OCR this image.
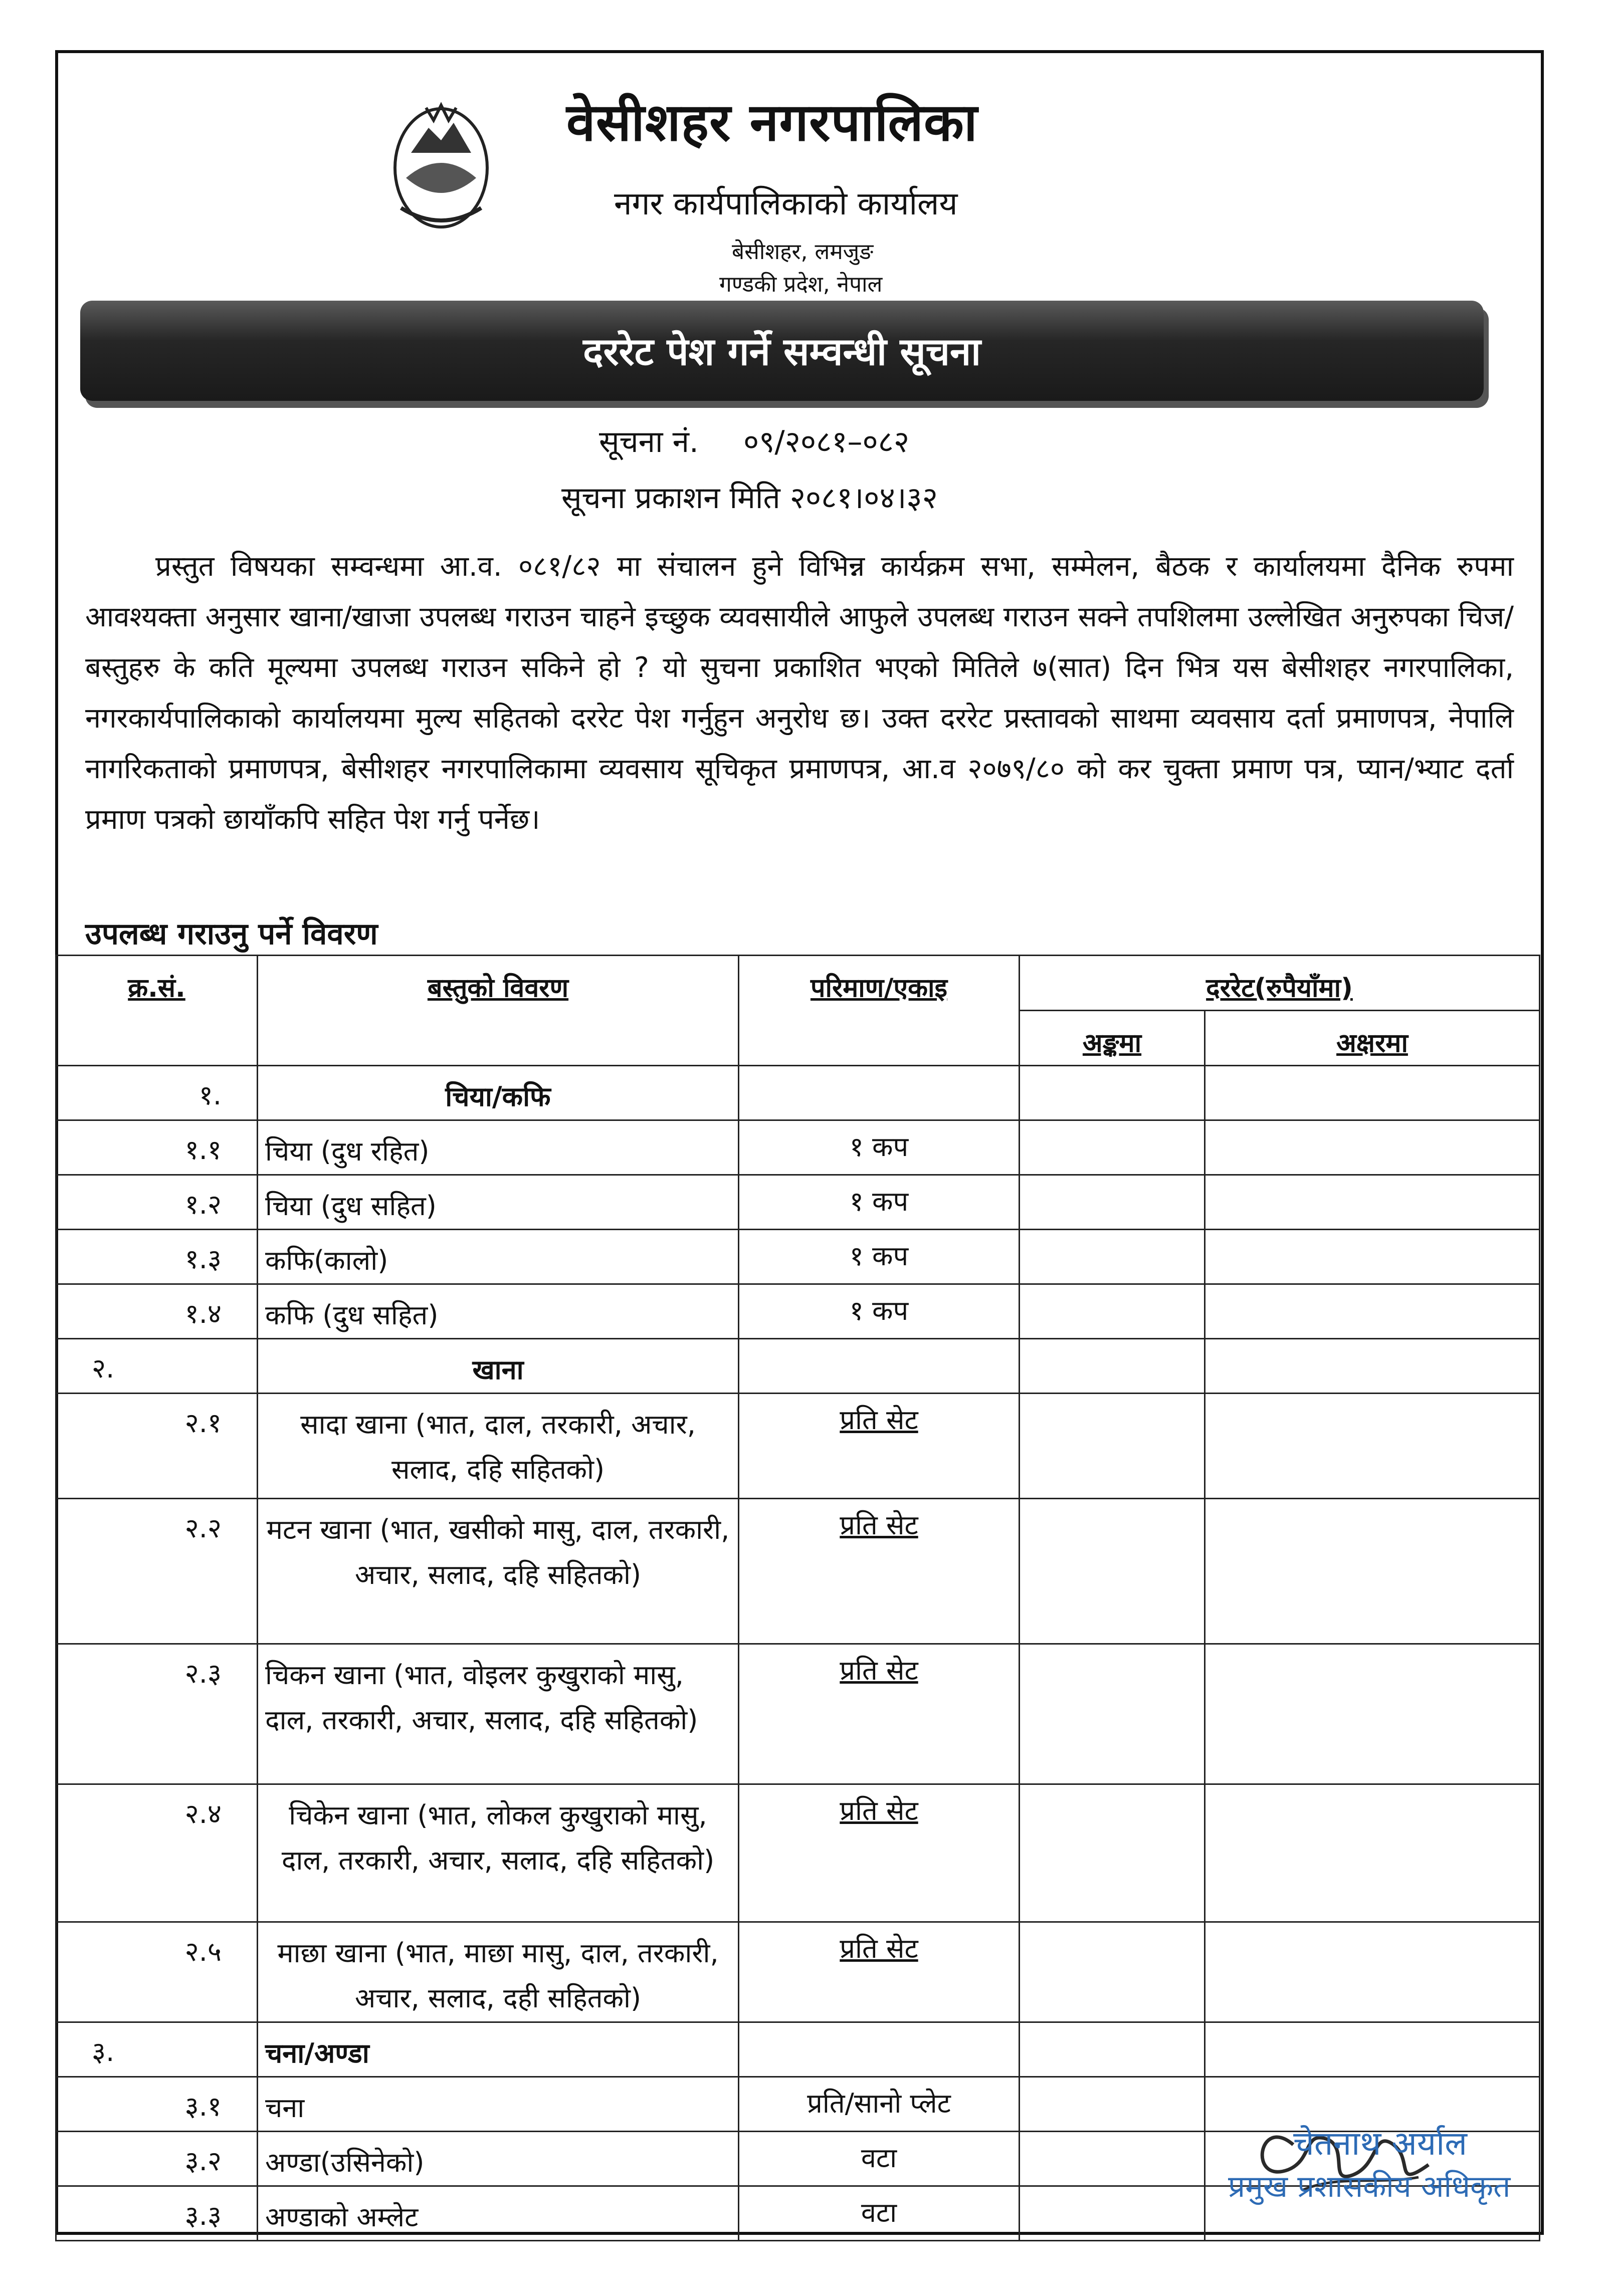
वेसीशहर नगरपालिका
नगर कार्यपालिकाको कार्यालय
बेसीशहर, लमजुङ
गण्डकी प्रदेश, नेपाल
दररेट पेश गर्ने सम्वन्धी सूचना
सूचना नं. ०९/२०८१–०८२
सूचना प्रकाशन मिति २०८१।०४।३२
प्रस्तुत विषयका सम्वन्धमा आ.व. ०८१/८२ मा संचालन हुने विभिन्न कार्यक्रम सभा, सम्मेलन, बैठक र कार्यालयमा दैनिक रुपमा आवश्यक्ता अनुसार खाना/खाजा उपलब्ध गराउन चाहने इच्छुक व्यवसायीले आफुले उपलब्ध गराउन सक्ने तपशिलमा उल्लेखित अनुरुपका चिज/बस्तुहरु के कति मूल्यमा उपलब्ध गराउन सकिने हो ? यो सुचना प्रकाशित भएको मितिले ७(सात) दिन भित्र यस बेसीशहर नगरपालिका, नगरकार्यपालिकाको कार्यालयमा मुल्य सहितको दररेट पेश गर्नुहुन अनुरोध छ। उक्त दररेट प्रस्तावको साथमा व्यवसाय दर्ता प्रमाणपत्र, नेपालि नागरिकताको प्रमाणपत्र, बेसीशहर नगरपालिकामा व्यवसाय सूचिकृत प्रमाणपत्र, आ.व २०७९/८० को कर चुक्ता प्रमाण पत्र, प्यान/भ्याट दर्ता प्रमाण पत्रको छायाँकपि सहित पेश गर्नु पर्नेछ।
उपलब्ध गराउनु पर्ने विवरण
क्र.सं.	बस्तुको विवरण	परिमाण/एकाइ	दररेट(रुपैयाँमा)	
			अङ्कमा	अक्षरमा
१.	चिया/कफि			
१.१	चिया (दुध रहित)	१ कप		
१.२	चिया (दुध सहित)	१ कप		
१.३	कफि(कालो)	१ कप		
१.४	कफि (दुध सहित)	१ कप		
२.	खाना			
२.१	सादा खाना (भात, दाल, तरकारी, अचार, सलाद, दहि सहितको)	प्रति सेट		
२.२	मटन खाना (भात, खसीको मासु, दाल, तरकारी, अचार, सलाद, दहि सहितको)	प्रति सेट		
२.३	चिकन खाना (भात, वोइलर कुखुराको मासु, दाल, तरकारी, अचार, सलाद, दहि सहितको)	प्रति सेट		
२.४	चिकेन खाना (भात, लोकल कुखुराको मासु, दाल, तरकारी, अचार, सलाद, दहि सहितको)	प्रति सेट		
२.५	माछा खाना (भात, माछा मासु, दाल, तरकारी, अचार, सलाद, दही सहितको)	प्रति सेट		
३.	चना/अण्डा			
३.१	चना	प्रति/सानो प्लेट		
३.२	अण्डा(उसिनेको)	वटा		
३.३	अण्डाको अम्लेट	वटा		
चेतनाथ अर्याल
प्रमुख प्रशासकीय अधिकृत
